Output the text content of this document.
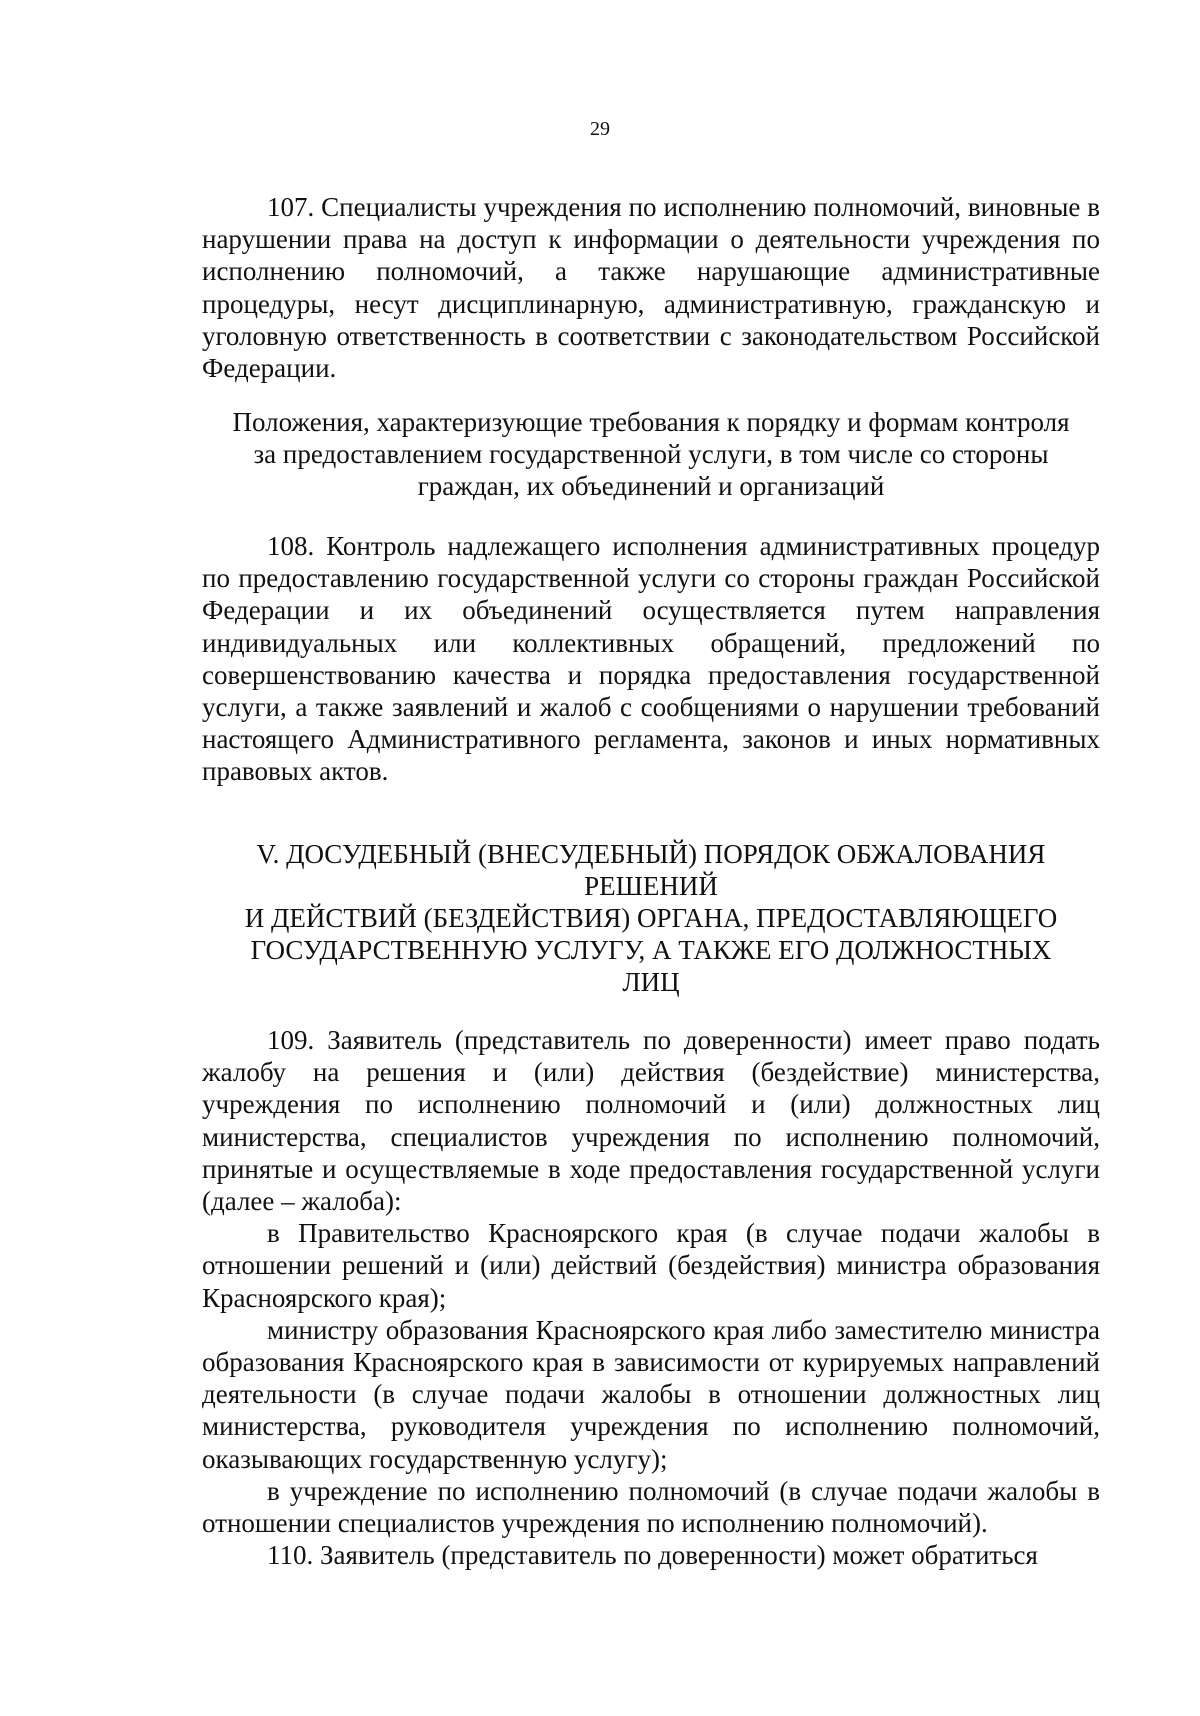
29

107. Специалисты учреждения по исполнению полномочий, виновные в нарушении права на доступ к информации о деятельности учреждения по исполнению полномочий, а также нарушающие административные процедуры, несут дисциплинарную, административную, гражданскую и уголовную ответственность в соответствии с законодательством Российской Федерации.

Положения, характеризующие требования к порядку и формам контроля
за предоставлением государственной услуги, в том числе со стороны
граждан, их объединений и организаций

108. Контроль надлежащего исполнения административных процедур по предоставлению государственной услуги со стороны граждан Российской Федерации и их объединений осуществляется путем направления индивидуальных или коллективных обращений, предложений по совершенствованию качества и порядка предоставления государственной услуги, а также заявлений и жалоб с сообщениями о нарушении требований настоящего Административного регламента, законов и иных нормативных правовых актов.

V. ДОСУДЕБНЫЙ (ВНЕСУДЕБНЫЙ) ПОРЯДОК ОБЖАЛОВАНИЯ
РЕШЕНИЙ
И ДЕЙСТВИЙ (БЕЗДЕЙСТВИЯ) ОРГАНА, ПРЕДОСТАВЛЯЮЩЕГО
ГОСУДАРСТВЕННУЮ УСЛУГУ, А ТАКЖЕ ЕГО ДОЛЖНОСТНЫХ
ЛИЦ

109. Заявитель (представитель по доверенности) имеет право подать жалобу на решения и (или) действия (бездействие) министерства, учреждения по исполнению полномочий и (или) должностных лиц министерства, специалистов учреждения по исполнению полномочий, принятые и осуществляемые в ходе предоставления государственной услуги (далее – жалоба):

в Правительство Красноярского края (в случае подачи жалобы в отношении решений и (или) действий (бездействия) министра образования Красноярского края);

министру образования Красноярского края либо заместителю министра образования Красноярского края в зависимости от курируемых направлений деятельности (в случае подачи жалобы в отношении должностных лиц министерства, руководителя учреждения по исполнению полномочий, оказывающих государственную услугу);

в учреждение по исполнению полномочий (в случае подачи жалобы в отношении специалистов учреждения по исполнению полномочий).

110. Заявитель (представитель по доверенности) может обратиться
